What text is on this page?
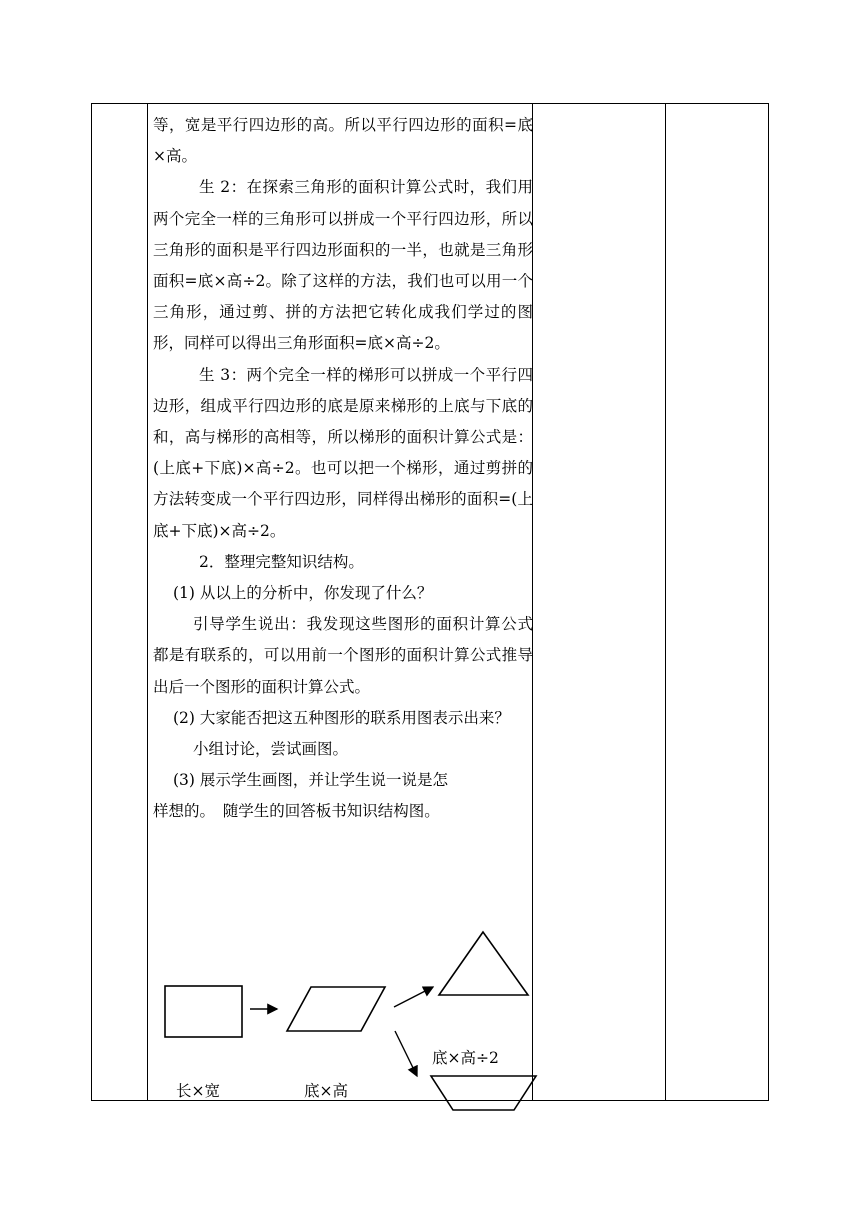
等，宽是平行四边形的高。所以平行四边形的面积=底×高。

生 2：在探索三角形的面积计算公式时，我们用两个完全一样的三角形可以拼成一个平行四边形，所以三角形的面积是平行四边形面积的一半，也就是三角形面积=底×高÷2。除了这样的方法，我们也可以用一个三角形，通过剪、拼的方法把它转化成我们学过的图形，同样可以得出三角形面积=底×高÷2。

生 3：两个完全一样的梯形可以拼成一个平行四边形，组成平行四边形的底是原来梯形的上底与下底的和，高与梯形的高相等，所以梯形的面积计算公式是：(上底+下底)×高÷2。也可以把一个梯形，通过剪拼的方法转变成一个平行四边形，同样得出梯形的面积=(上底+下底)×高÷2。

2．整理完整知识结构。

(1) 从以上的分析中，你发现了什么？

引导学生说出：我发现这些图形的面积计算公式都是有联系的，可以用前一个图形的面积计算公式推导出后一个图形的面积计算公式。

(2) 大家能否把这五种图形的联系用图表示出来？

小组讨论，尝试画图。

(3) 展示学生画图，并让学生说一说是怎样想的。　随学生的回答板书知识结构图。

底×高÷2
长×宽	底×高
